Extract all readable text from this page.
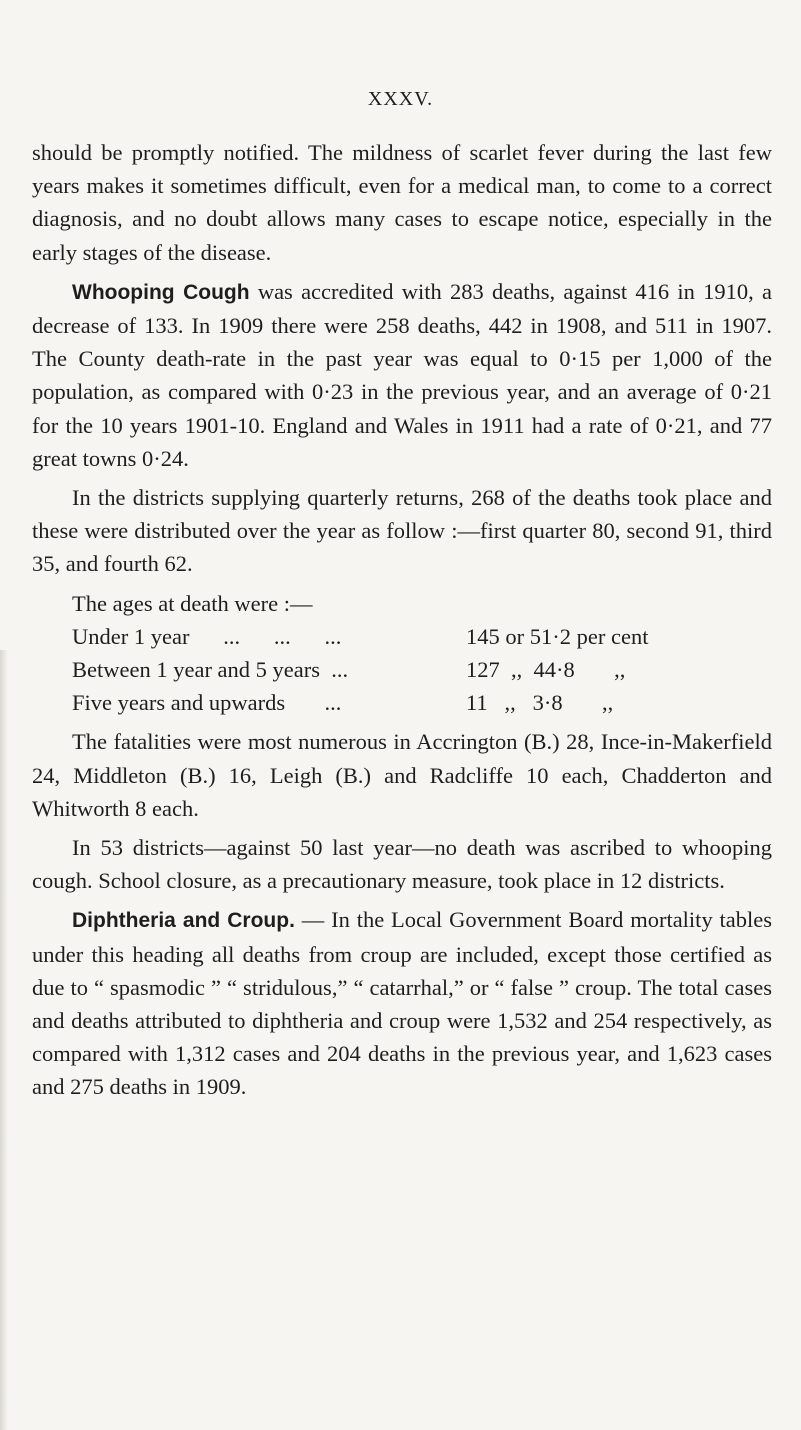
XXXV.

should be promptly notified. The mildness of scarlet fever during the last few years makes it sometimes difficult, even for a medical man, to come to a correct diagnosis, and no doubt allows many cases to escape notice, especially in the early stages of the disease.

Whooping Cough was accredited with 283 deaths, against 416 in 1910, a decrease of 133. In 1909 there were 258 deaths, 442 in 1908, and 511 in 1907. The County death-rate in the past year was equal to 0·15 per 1,000 of the population, as compared with 0·23 in the previous year, and an average of 0·21 for the 10 years 1901-10. England and Wales in 1911 had a rate of 0·21, and 77 great towns 0·24.

In the districts supplying quarterly returns, 268 of the deaths took place and these were distributed over the year as follow :—first quarter 80, second 91, third 35, and fourth 62.

The ages at death were :—

Under 1 year      ...      ...      ...	145 or 51·2 per cent
Between 1 year and 5 years  ...	127  ,,  44·8       ,,
Five years and upwards       ...	11   ,,   3·8       ,,

The fatalities were most numerous in Accrington (B.) 28, Ince-in-Makerfield 24, Middleton (B.) 16, Leigh (B.) and Radcliffe 10 each, Chadderton and Whitworth 8 each.

In 53 districts—against 50 last year—no death was ascribed to whooping cough. School closure, as a precautionary measure, took place in 12 districts.

Diphtheria and Croup. — In the Local Government Board mortality tables under this heading all deaths from croup are included, except those certified as due to “ spasmodic ” “ stridulous,” “ catarrhal,” or “ false ” croup. The total cases and deaths attributed to diphtheria and croup were 1,532 and 254 respectively, as compared with 1,312 cases and 204 deaths in the previous year, and 1,623 cases and 275 deaths in 1909.
